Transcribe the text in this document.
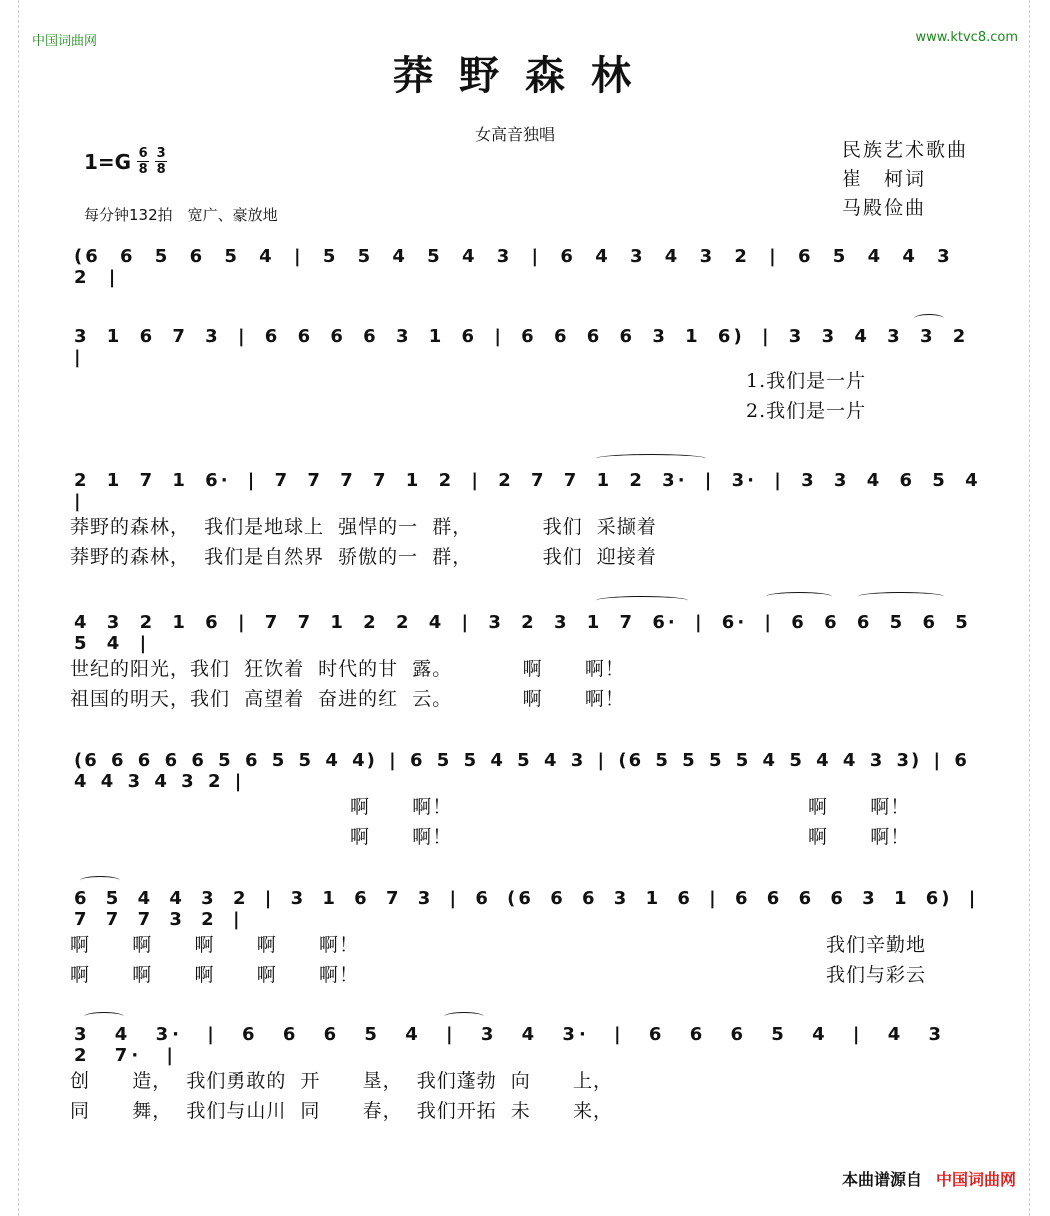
中国词曲网	www.ktvc8.com
莽野森林
女高音独唱
$1=G \frac{6}{8} \frac{3}{8}$
每分钟132拍　宽广、豪放地
民族艺术歌曲
崔　柯词
马殿俭曲
(6 6 5 6 5 4 | 5 5 4 5 4 3 | 6 4 3 4 3 2 | 6 5 4 4 3 2 |
3 1 6 7 3 | 6 6 6 6 3 1 6 | 6 6 6 6 3 1 6) | 3 3 4 3 3 2 |
1.我们是一片
2.我们是一片
2 1 7 1 6· | 7 7 7 7 1 2 | 2 7 7 1 2 3· | 3· | 3 3 4 6 5 4 |
莽野的森林，  我们是地球上  强悍的一  群，          我们  采撷着
莽野的森林，  我们是自然界  骄傲的一  群，          我们  迎接着
4 3 2 1 6 | 7 7 1 2 2 4 | 3 2 3 1 7 6· | 6· | 6 6 6 5 6 5 5 4 |
世纪的阳光，我们  狂饮着  时代的甘  露。          啊      啊！
祖国的明天，我们  高望着  奋进的红  云。          啊      啊！
(6 6 6 6 6 5 6 5 5 4 4) | 6 5 5 4 5 4 3 | (6 5 5 5 5 4 5 4 4 3 3) | 6 4 4 3 4 3 2 |
啊      啊！
啊      啊！
啊      啊！
啊      啊！
6 5 4 4 3 2 | 3 1 6 7 3 | 6 (6 6 6 3 1 6 | 6 6 6 6 3 1 6) | 7 7 7 3 2 |
啊      啊      啊      啊      啊！
啊      啊      啊      啊      啊！
我们辛勤地
我们与彩云
3 4 3· | 6 6 6 5 4 | 3 4 3· | 6 6 6 5 4 | 4 3 2 7· |
创      造，  我们勇敢的  开      垦，  我们蓬勃  向      上，
同      舞，  我们与山川  同      春，  我们开拓  未      来，
本曲谱源自 中国词曲网
